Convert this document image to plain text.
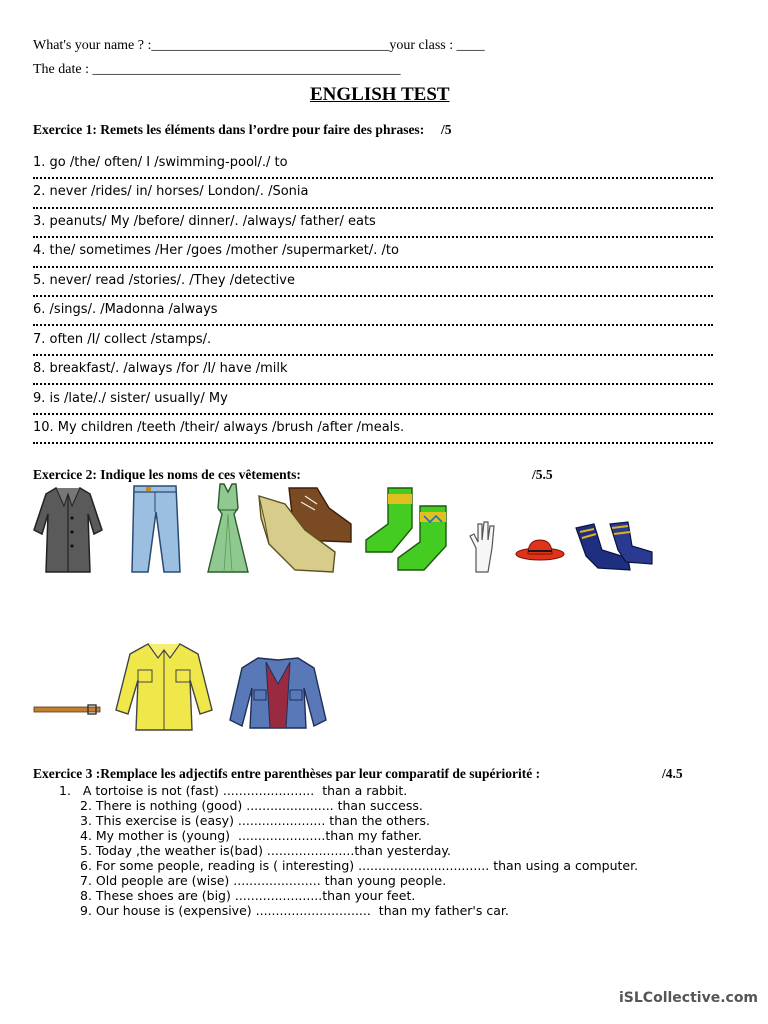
What's your name ? :__________________________________your class : ____
The date : ____________________________________________
ENGLISH TEST
Exercice 1: Remets les éléments dans l’ordre pour faire des phrases:     /5
1. go /the/ often/ I /swimming-pool/./ to
2. never /rides/ in/ horses/ London/. /Sonia
3. peanuts/ My /before/ dinner/. /always/ father/ eats
4. the/ sometimes /Her /goes /mother /supermarket/. /to
5. never/ read /stories/. /They /detective
6. /sings/. /Madonna /always
7. often /I/ collect /stamps/.
8. breakfast/. /always /for /I/ have /milk
9. is /late/./ sister/ usually/ My
10. My children /teeth /their/ always /brush /after /meals.
Exercice 2: Indique les noms de ces vêtements:	/5.5
Exercice 3 :Remplace les adjectifs entre parenthèses par leur comparatif de supériorité :	/4.5
1.   A tortoise is not (fast) .......................  than a rabbit.
2. There is nothing (good) ...................... than success.
3. This exercise is (easy) ...................... than the others.
4. My mother is (young)  ......................than my father.
5. Today ,the weather is(bad) ......................than yesterday.
6. For some people, reading is ( interesting) ................................. than using a computer.
7. Old people are (wise) ...................... than young people.
8. These shoes are (big) ......................than your feet.
9. Our house is (expensive) .............................  than my father's car.
iSLCollective.com
